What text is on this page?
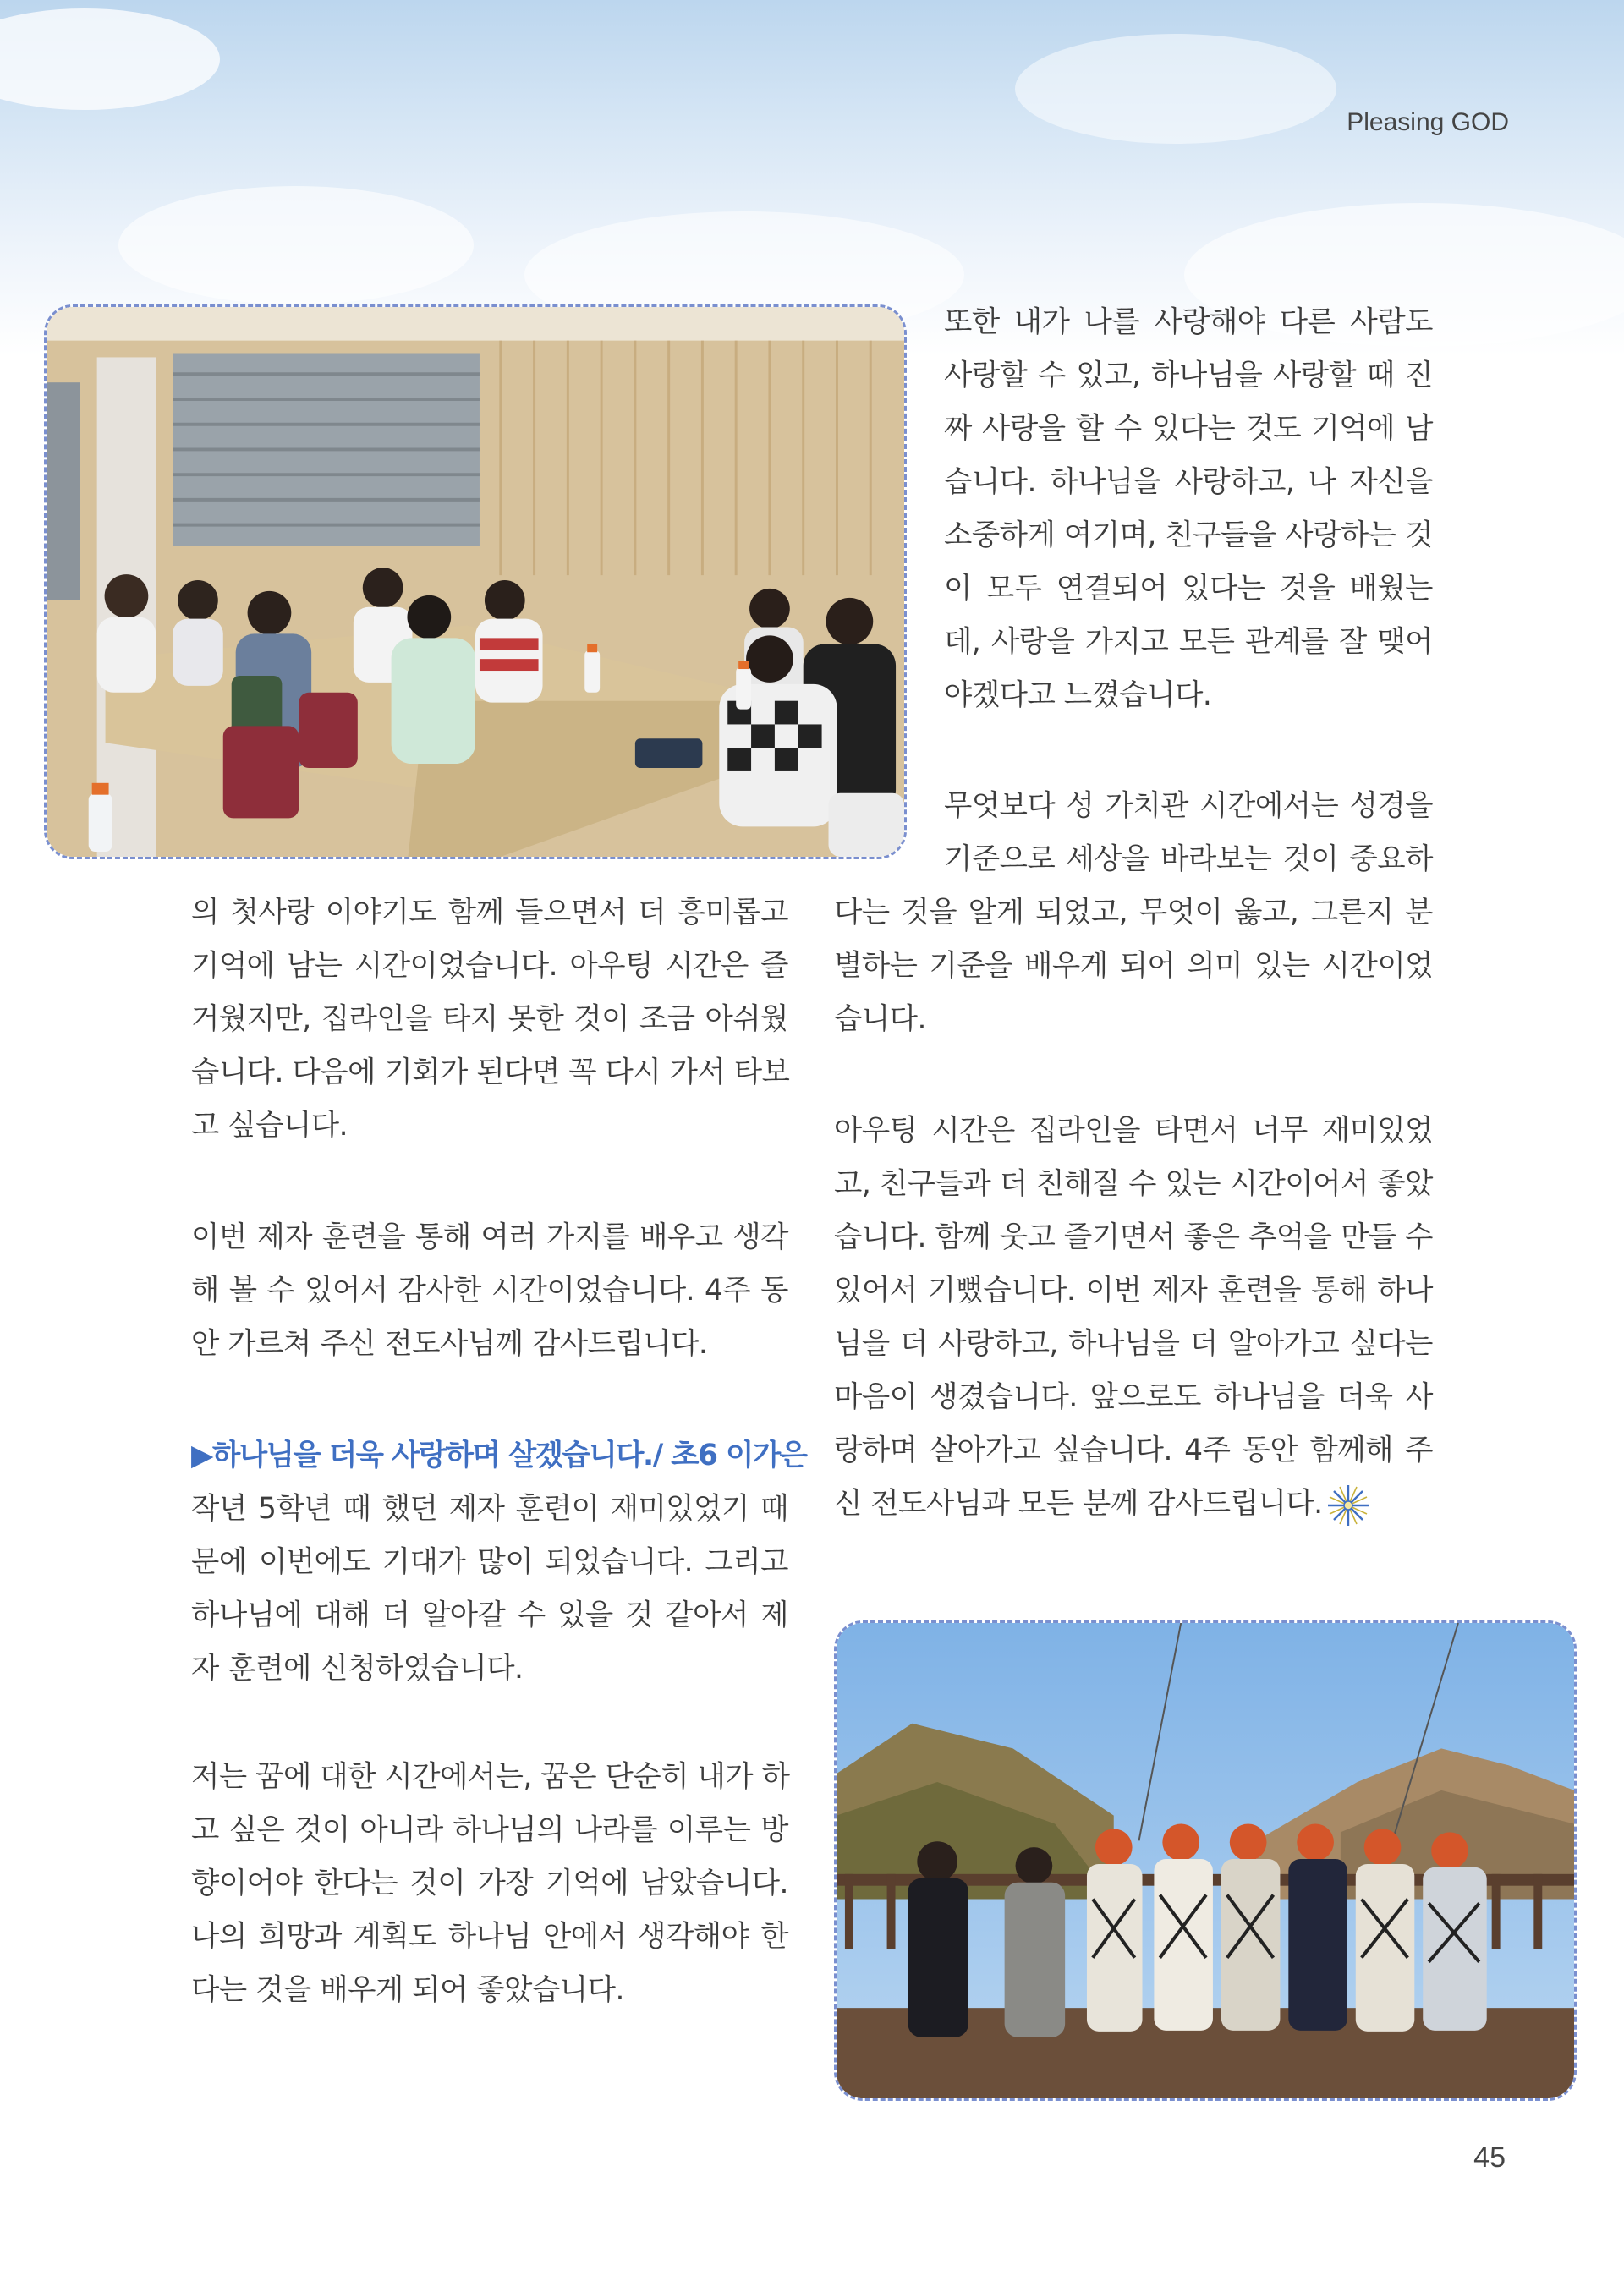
Pleasing GOD
또한 내가 나를 사랑해야 다른 사람도
사랑할 수 있고, 하나님을 사랑할 때 진
짜 사랑을 할 수 있다는 것도 기억에 남
습니다. 하나님을 사랑하고, 나 자신을
소중하게 여기며, 친구들을 사랑하는 것
이 모두 연결되어 있다는 것을 배웠는
데, 사랑을 가지고 모든 관계를 잘 맺어
야겠다고 느꼈습니다.
무엇보다 성 가치관 시간에서는 성경을
기준으로 세상을 바라보는 것이 중요하
다는 것을 알게 되었고, 무엇이 옳고, 그른지 분
별하는 기준을 배우게 되어 의미 있는 시간이었
습니다.
아우팅 시간은 집라인을 타면서 너무 재미있었
고, 친구들과 더 친해질 수 있는 시간이어서 좋았
습니다. 함께 웃고 즐기면서 좋은 추억을 만들 수
있어서 기뻤습니다. 이번 제자 훈련을 통해 하나
님을 더 사랑하고, 하나님을 더 알아가고 싶다는
마음이 생겼습니다. 앞으로도 하나님을 더욱 사
랑하며 살아가고 싶습니다. 4주 동안 함께해 주
신 전도사님과 모든 분께 감사드립니다.
의 첫사랑 이야기도 함께 들으면서 더 흥미롭고
기억에 남는 시간이었습니다. 아우팅 시간은 즐
거웠지만, 집라인을 타지 못한 것이 조금 아쉬웠
습니다. 다음에 기회가 된다면 꼭 다시 가서 타보
고 싶습니다.
이번 제자 훈련을 통해 여러 가지를 배우고 생각
해 볼 수 있어서 감사한 시간이었습니다. 4주 동
안 가르쳐 주신 전도사님께 감사드립니다.
▶하나님을 더욱 사랑하며 살겠습니다./ 초6 이가은
작년 5학년 때 했던 제자 훈련이 재미있었기 때
문에 이번에도 기대가 많이 되었습니다. 그리고
하나님에 대해 더 알아갈 수 있을 것 같아서 제
자 훈련에 신청하였습니다.
저는 꿈에 대한 시간에서는, 꿈은 단순히 내가 하
고 싶은 것이 아니라 하나님의 나라를 이루는 방
향이어야 한다는 것이 가장 기억에 남았습니다.
나의 희망과 계획도 하나님 안에서 생각해야 한
다는 것을 배우게 되어 좋았습니다.
45
